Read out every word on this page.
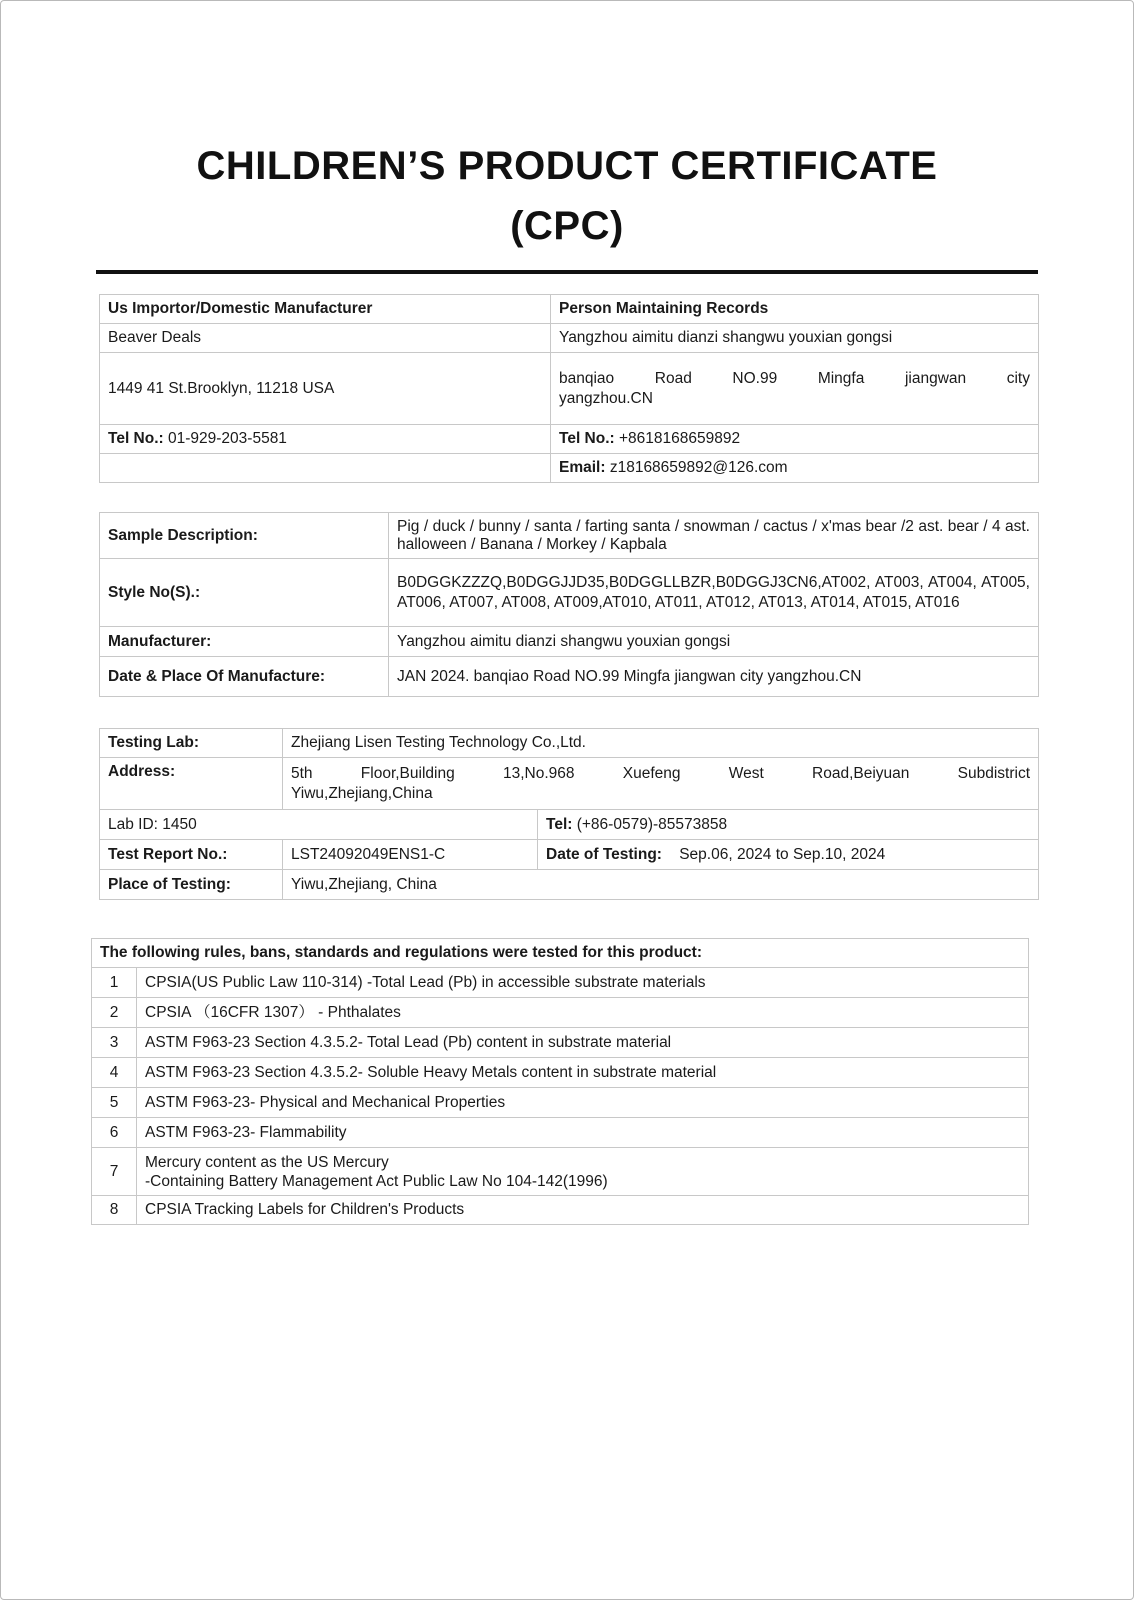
CHILDREN’S PRODUCT CERTIFICATE
(CPC)
Us Importor/Domestic Manufacturer	Person Maintaining Records
Beaver Deals	Yangzhou aimitu dianzi shangwu youxian gongsi
1449 41 St.Brooklyn, 11218 USA	banqiao Road NO.99 Mingfa jiangwan city
yangzhou.CN
Tel No.: 01-929-203-5581	Tel No.: +8618168659892
	Email: z18168659892@126.com
Sample Description:	Pig / duck / bunny / santa / farting santa / snowman / cactus / x'mas bear /2 ast. bear / 4 ast. halloween / Banana / Morkey / Kapbala
Style No(S).:	B0DGGKZZZQ,B0DGGJJD35,B0DGGLLBZR,B0DGGJ3CN6,AT002, AT003, AT004, AT005, AT006, AT007, AT008, AT009,AT010, AT011, AT012, AT013, AT014, AT015, AT016
Manufacturer:	Yangzhou aimitu dianzi shangwu youxian gongsi
Date & Place Of Manufacture:	JAN 2024. banqiao Road NO.99 Mingfa jiangwan city yangzhou.CN
Testing Lab:	Zhejiang Lisen Testing Technology Co.,Ltd.	
Address:	5th Floor,Building 13,No.968 Xuefeng West Road,Beiyuan Subdistrict
Yiwu,Zhejiang,China	
Lab ID: 1450		Tel: (+86-0579)-85573858
Test Report No.:	LST24092049ENS1-C	Date of Testing: Sep.06, 2024 to Sep.10, 2024
Place of Testing:	Yiwu,Zhejiang, China	
The following rules, bans, standards and regulations were tested for this product:	
1	CPSIA(US Public Law 110-314) -Total Lead (Pb) in accessible substrate materials
2	CPSIA （16CFR 1307） - Phthalates
3	ASTM F963-23 Section 4.3.5.2- Total Lead (Pb) content in substrate material
4	ASTM F963-23 Section 4.3.5.2- Soluble Heavy Metals content in substrate material
5	ASTM F963-23- Physical and Mechanical Properties
6	ASTM F963-23- Flammability
7	Mercury content as the US Mercury
-Containing Battery Management Act Public Law No 104-142(1996)

8	CPSIA Tracking Labels for Children's Products
